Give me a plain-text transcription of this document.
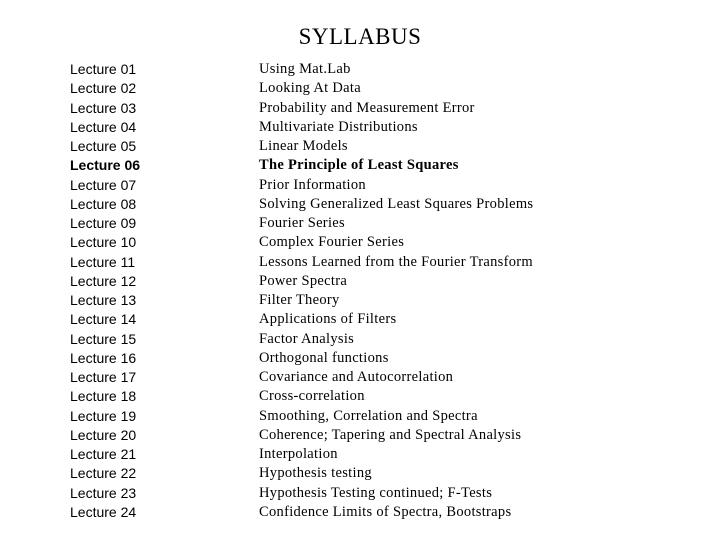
SYLLABUS
Lecture 01	Using Mat.Lab
Lecture 02	Looking At Data
Lecture 03	Probability and Measurement Error
Lecture 04	Multivariate Distributions
Lecture 05	Linear Models
Lecture 06	The Principle of Least Squares
Lecture 07	Prior Information
Lecture 08	Solving Generalized Least Squares Problems
Lecture 09	Fourier Series
Lecture 10	Complex Fourier Series
Lecture 11	Lessons Learned from the Fourier Transform
Lecture 12	Power Spectra
Lecture 13	Filter Theory
Lecture 14	Applications of Filters
Lecture 15	Factor Analysis
Lecture 16	Orthogonal functions
Lecture 17	Covariance and Autocorrelation
Lecture 18	Cross-correlation
Lecture 19	Smoothing, Correlation and Spectra
Lecture 20	Coherence; Tapering and Spectral Analysis
Lecture 21	Interpolation
Lecture 22	Hypothesis testing
Lecture 23	Hypothesis Testing continued; F-Tests
Lecture 24	Confidence Limits of Spectra, Bootstraps
